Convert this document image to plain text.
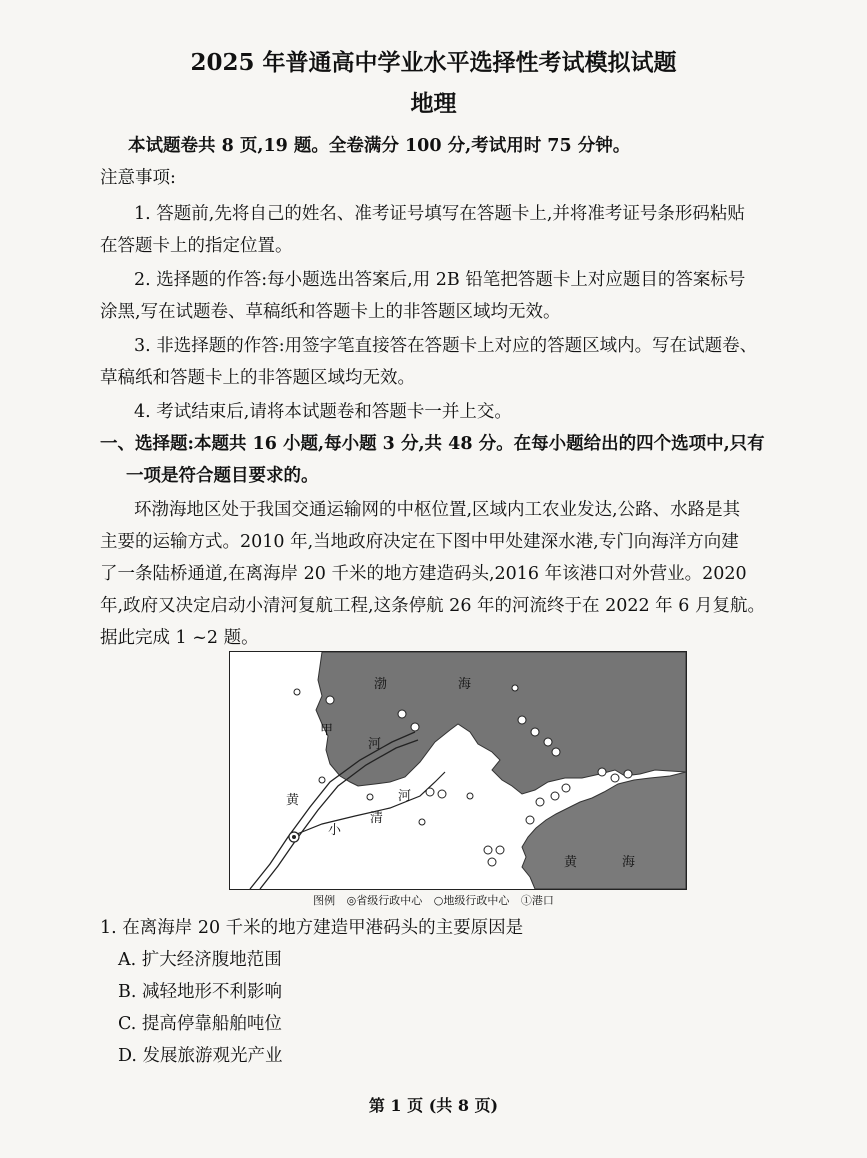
2025 年普通高中学业水平选择性考试模拟试题
地理
本试题卷共 8 页,19 题。全卷满分 100 分,考试用时 75 分钟。
注意事项:
1. 答题前,先将自己的姓名、准考证号填写在答题卡上,并将准考证号条形码粘贴
在答题卡上的指定位置。
2. 选择题的作答:每小题选出答案后,用 2B 铅笔把答题卡上对应题目的答案标号
涂黑,写在试题卷、草稿纸和答题卡上的非答题区域均无效。
3. 非选择题的作答:用签字笔直接答在答题卡上对应的答题区域内。写在试题卷、
草稿纸和答题卡上的非答题区域均无效。
4. 考试结束后,请将本试题卷和答题卡一并上交。
一、选择题:本题共 16 小题,每小题 3 分,共 48 分。在每小题给出的四个选项中,只有
一项是符合题目要求的。
环渤海地区处于我国交通运输网的中枢位置,区域内工农业发达,公路、水路是其
主要的运输方式。2010 年,当地政府决定在下图中甲处建深水港,专门向海洋方向建
了一条陆桥通道,在离海岸 20 千米的地方建造码头,2016 年该港口对外营业。2020
年,政府又决定启动小清河复航工程,这条停航 26 年的河流终于在 2022 年 6 月复航。
据此完成 1 ~2 题。
渤	海
甲
河
河
黄
小
清
黄	海
图例 ◎省级行政中心 ○地级行政中心 ①港口
1. 在离海岸 20 千米的地方建造甲港码头的主要原因是
A. 扩大经济腹地范围
B. 减轻地形不利影响
C. 提高停靠船舶吨位
D. 发展旅游观光产业
第 1 页 (共 8 页)
